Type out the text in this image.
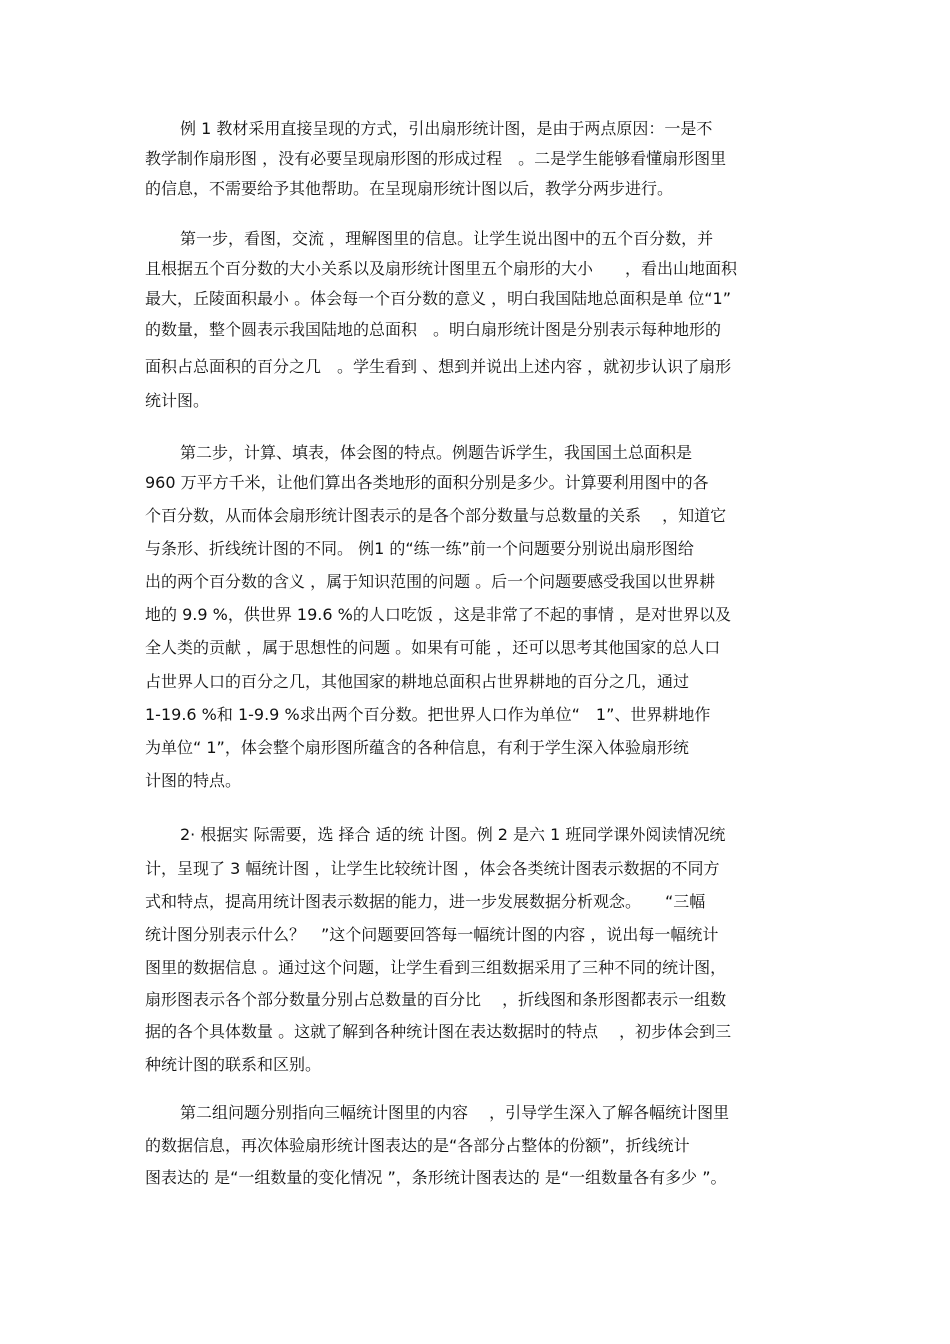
例 1 教材采用直接呈现的方式，引出扇形统计图，是由于两点原因：一是不
教学制作扇形图 ，没有必要呈现扇形图的形成过程　。二是学生能够看懂扇形图里
的信息，不需要给予其他帮助。在呈现扇形统计图以后，教学分两步进行。
第一步，看图，交流 ，理解图里的信息。让学生说出图中的五个百分数，并
且根据五个百分数的大小关系以及扇形统计图里五个扇形的大小　　，看出山地面积
最大，丘陵面积最小 。体会每一个百分数的意义 ，明白我国陆地总面积是单 位“1”
的数量，整个圆表示我国陆地的总面积　。明白扇形统计图是分别表示每种地形的
面积占总面积的百分之几　。学生看到 、想到并说出上述内容 ，就初步认识了扇形
统计图。
第二步，计算、填表，体会图的特点。例题告诉学生，我国国土总面积是
960 万平方千米，让他们算出各类地形的面积分别是多少。计算要利用图中的各
个百分数，从而体会扇形统计图表示的是各个部分数量与总数量的关系　 ，知道它
与条形、折线统计图的不同。 例1 的“练一练”前一个问题要分别说出扇形图给
出的两个百分数的含义 ，属于知识范围的问题 。后一个问题要感受我国以世界耕
地的 9.9 %，供世界 19.6 %的人口吃饭 ，这是非常了不起的事情 ，是对世界以及
全人类的贡献 ，属于思想性的问题 。如果有可能 ，还可以思考其他国家的总人口
占世界人口的百分之几，其他国家的耕地总面积占世界耕地的百分之几，通过
1-19.6 %和 1-9.9 %求出两个百分数。把世界人口作为单位“　1”、世界耕地作
为单位“ 1”，体会整个扇形图所蕴含的各种信息，有利于学生深入体验扇形统
计图的特点。
2· 根据实 际需要，选 择合 适的统 计图。例 2 是六 1 班同学课外阅读情况统
计，呈现了 3 幅统计图 ，让学生比较统计图 ，体会各类统计图表示数据的不同方
式和特点，提高用统计图表示数据的能力，进一步发展数据分析观念。　　“三幅
统计图分别表示什么？　”这个问题要回答每一幅统计图的内容 ，说出每一幅统计
图里的数据信息 。通过这个问题，让学生看到三组数据采用了三种不同的统计图，
扇形图表示各个部分数量分别占总数量的百分比　 ，折线图和条形图都表示一组数
据的各个具体数量 。这就了解到各种统计图在表达数据时的特点　 ，初步体会到三
种统计图的联系和区别。
第二组问题分别指向三幅统计图里的内容　 ，引导学生深入了解各幅统计图里
的数据信息，再次体验扇形统计图表达的是“各部分占整体的份额”，折线统计
图表达的 是“一组数量的变化情况 ”，条形统计图表达的 是“一组数量各有多少 ”。
